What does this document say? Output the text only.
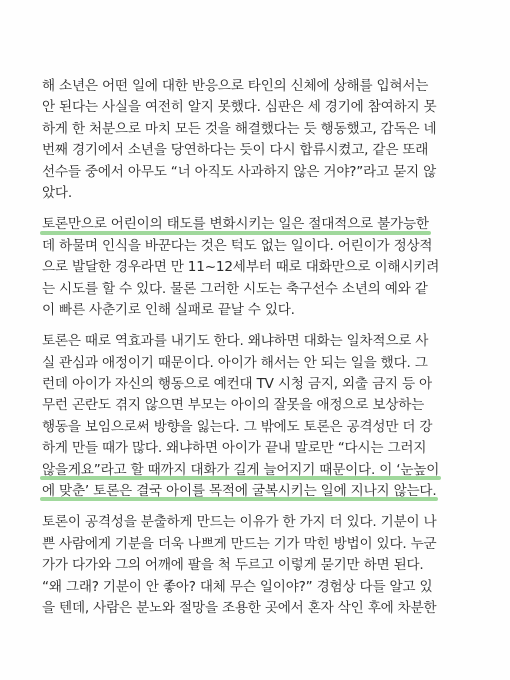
해 소년은 어떤 일에 대한 반응으로 타인의 신체에 상해를 입혀서는
안 된다는 사실을 여전히 알지 못했다. 심판은 세 경기에 참여하지 못
하게 한 처분으로 마치 모든 것을 해결했다는 듯 행동했고, 감독은 네
번째 경기에서 소년을 당연하다는 듯이 다시 합류시켰고, 같은 또래
선수들 중에서 아무도 “너 아직도 사과하지 않은 거야?”라고 묻지 않
았다.

토론만으로 어린이의 태도를 변화시키는 일은 절대적으로 불가능한
데 하물며 인식을 바꾼다는 것은 턱도 없는 일이다. 어린이가 정상적
으로 발달한 경우라면 만 11~12세부터 때로 대화만으로 이해시키려
는 시도를 할 수 있다. 물론 그러한 시도는 축구선수 소년의 예와 같
이 빠른 사춘기로 인해 실패로 끝날 수 있다.

토론은 때로 역효과를 내기도 한다. 왜냐하면 대화는 일차적으로 사
실 관심과 애정이기 때문이다. 아이가 해서는 안 되는 일을 했다. 그
런데 아이가 자신의 행동으로 예컨대 TV 시청 금지, 외출 금지 등 아
무런 곤란도 겪지 않으면 부모는 아이의 잘못을 애정으로 보상하는
행동을 보임으로써 방향을 잃는다. 그 밖에도 토론은 공격성만 더 강
하게 만들 때가 많다. 왜냐하면 아이가 끝내 말로만 “다시는 그러지
않을게요”라고 할 때까지 대화가 길게 늘어지기 때문이다. 이 ‘눈높이
에 맞춘’ 토론은 결국 아이를 목적에 굴복시키는 일에 지나지 않는다.

토론이 공격성을 분출하게 만드는 이유가 한 가지 더 있다. 기분이 나
쁜 사람에게 기분을 더욱 나쁘게 만드는 기가 막힌 방법이 있다. 누군
가가 다가와 그의 어깨에 팔을 척 두르고 이렇게 묻기만 하면 된다.
“왜 그래? 기분이 안 좋아? 대체 무슨 일이야?” 경험상 다들 알고 있
을 텐데, 사람은 분노와 절망을 조용한 곳에서 혼자 삭인 후에 차분한
